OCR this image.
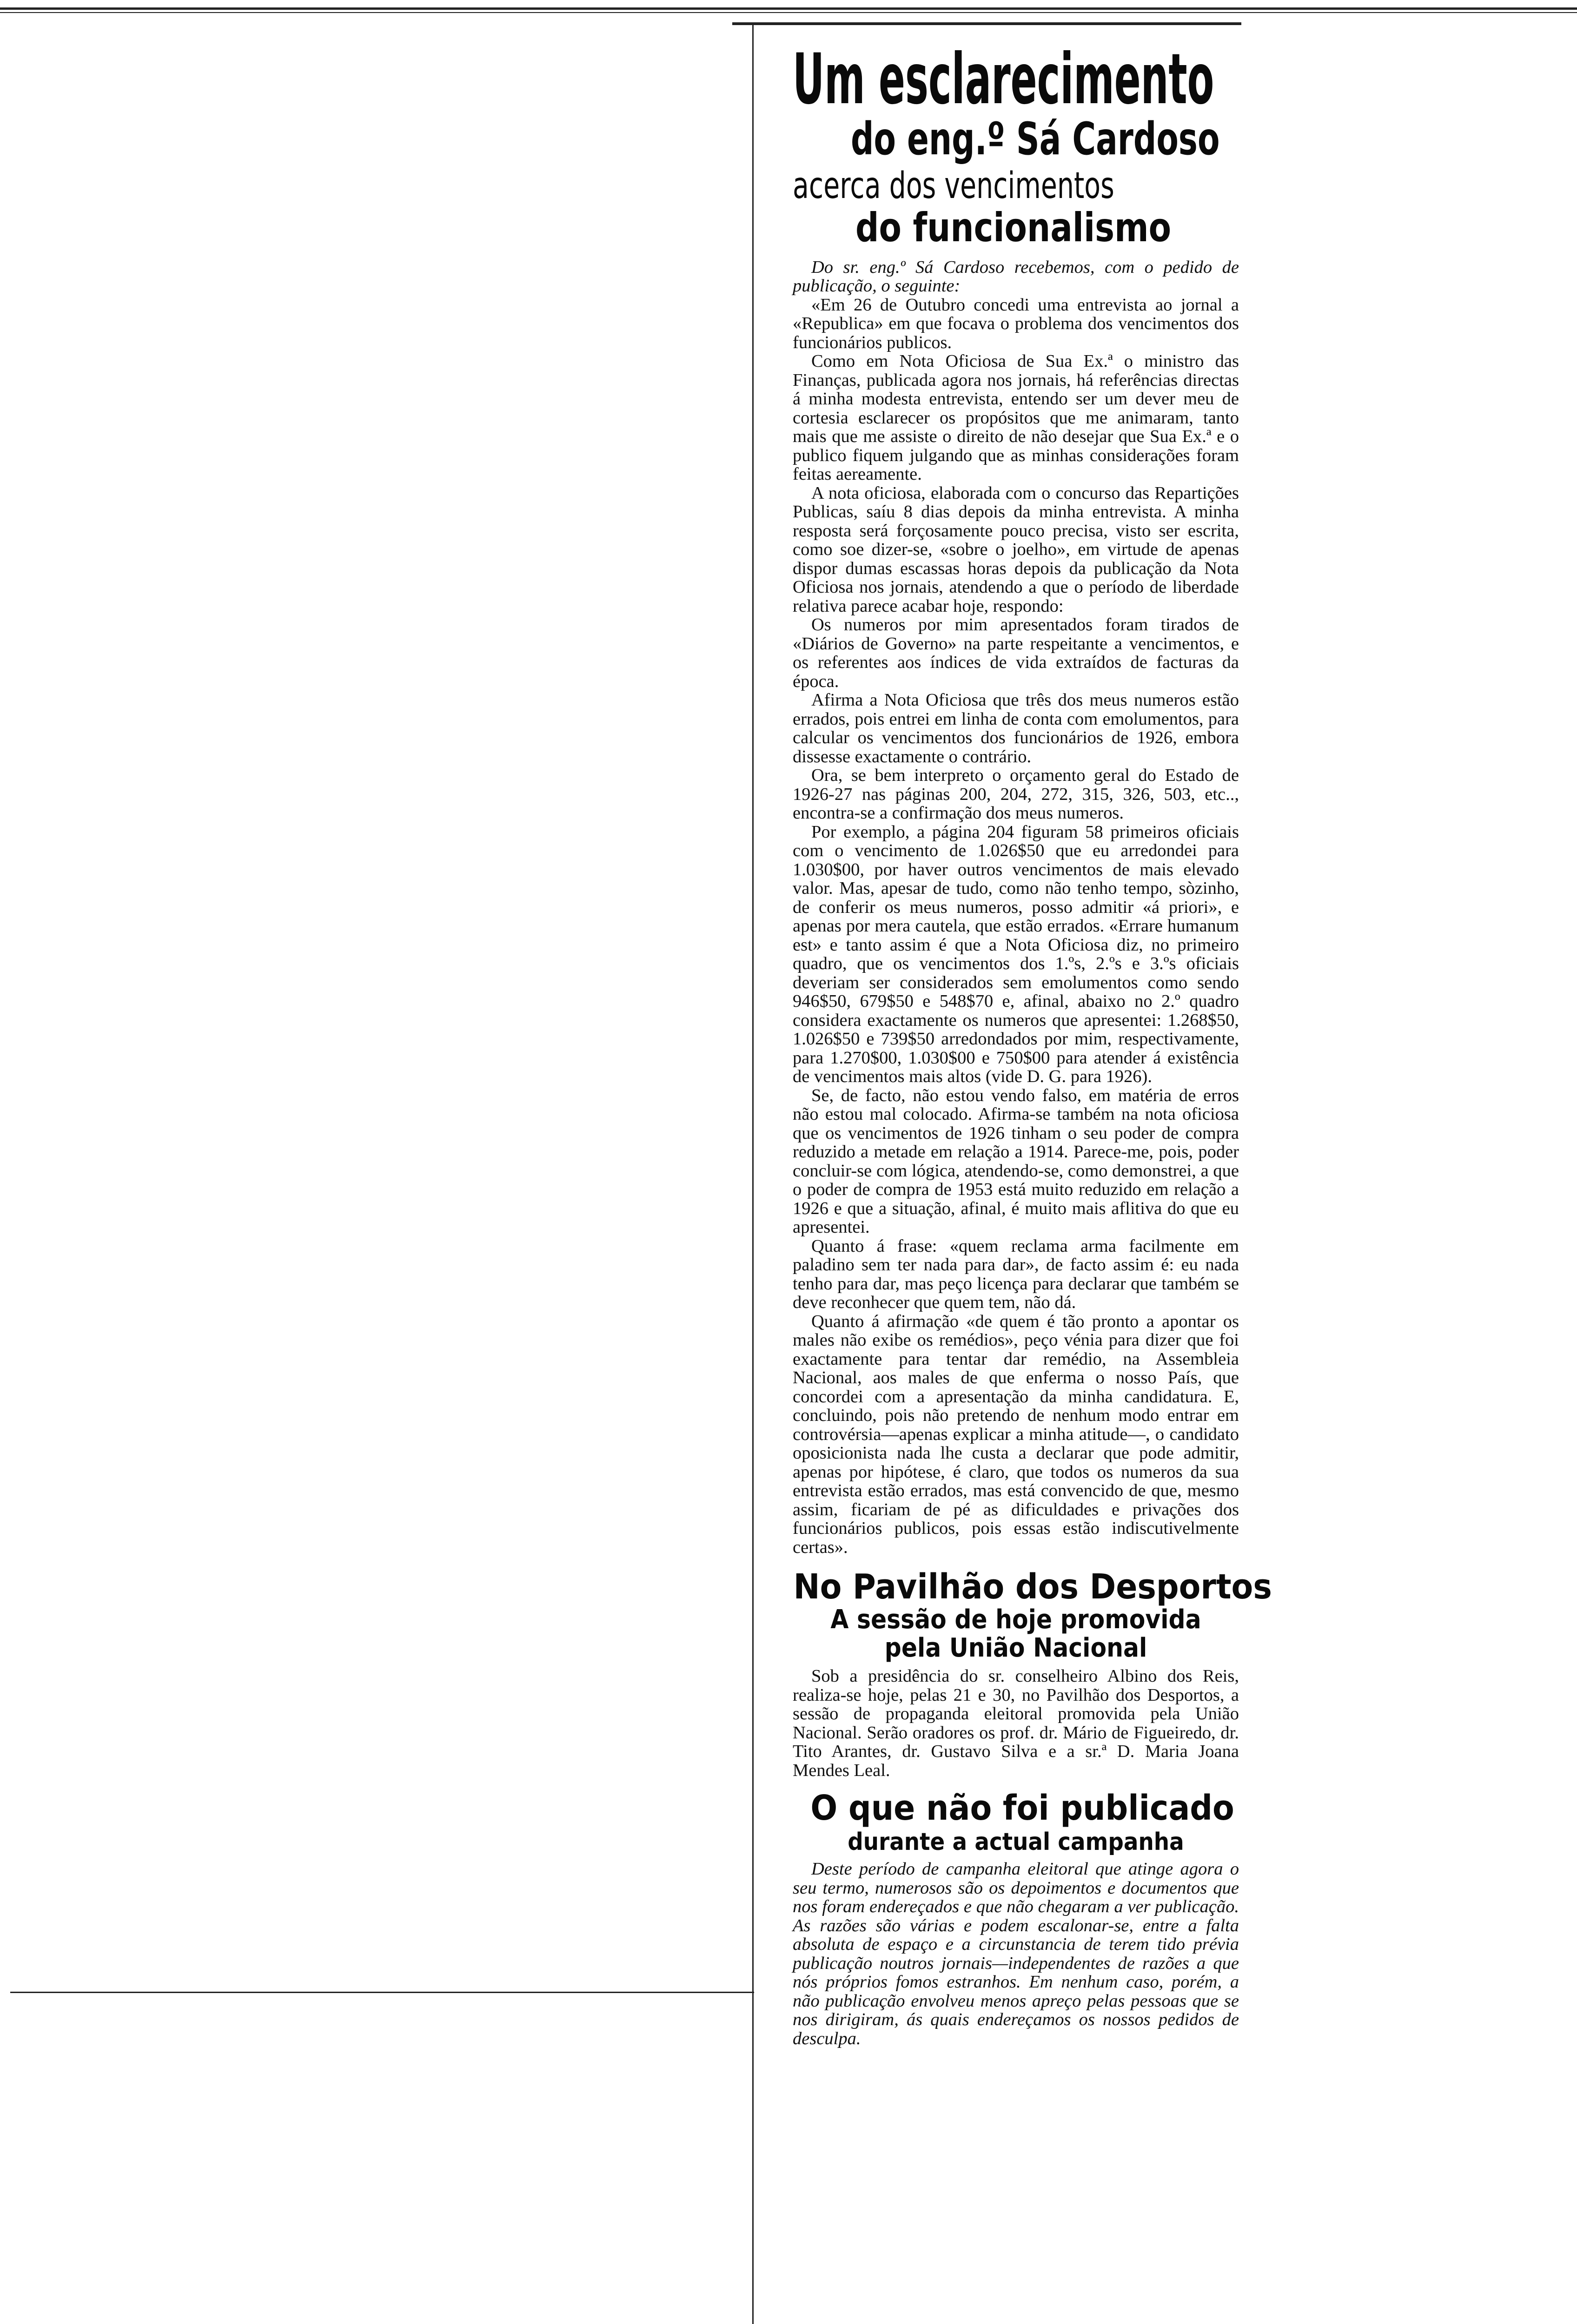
Um esclarecimento
do eng.º Sá Cardoso
acerca dos vencimentos
do funcionalismo

Do sr. eng.º Sá Cardoso recebemos, com o pedido de publicação, o seguinte:

«Em 26 de Outubro concedi uma entrevista ao jornal a «Republica» em que focava o problema dos vencimentos dos funcionários publicos.

Como em Nota Oficiosa de Sua Ex.ª o ministro das Finanças, publicada agora nos jornais, há referências directas á minha modesta entrevista, entendo ser um dever meu de cortesia esclarecer os propósitos que me animaram, tanto mais que me assiste o direito de não desejar que Sua Ex.ª e o publico fiquem julgando que as minhas considerações foram feitas aereamente.

A nota oficiosa, elaborada com o concurso das Repartições Publicas, saíu 8 dias depois da minha entrevista. A minha resposta será forçosamente pouco precisa, visto ser escrita, como soe dizer-se, «sobre o joelho», em virtude de apenas dispor dumas escassas horas depois da publicação da Nota Oficiosa nos jornais, atendendo a que o período de liberdade relativa parece acabar hoje, respondo:

Os numeros por mim apresentados foram tirados de «Diários de Governo» na parte respeitante a vencimentos, e os referentes aos índices de vida extraídos de facturas da época.

Afirma a Nota Oficiosa que três dos meus numeros estão errados, pois entrei em linha de conta com emolumentos, para calcular os vencimentos dos funcionários de 1926, embora dissesse exactamente o contrário.

Ora, se bem interpreto o orçamento geral do Estado de 1926-27 nas páginas 200, 204, 272, 315, 326, 503, etc.., encontra-se a confirmação dos meus numeros.

Por exemplo, a página 204 figuram 58 primeiros oficiais com o vencimento de 1.026$50 que eu arredondei para 1.030$00, por haver outros vencimentos de mais elevado valor. Mas, apesar de tudo, como não tenho tempo, sòzinho, de conferir os meus numeros, posso admitir «á priori», e apenas por mera cautela, que estão errados. «Errare humanum est» e tanto assim é que a Nota Oficiosa diz, no primeiro quadro, que os vencimentos dos 1.ºs, 2.ºs e 3.ºs oficiais deveriam ser considerados sem emolumentos como sendo 946$50, 679$50 e 548$70 e, afinal, abaixo no 2.º quadro considera exactamente os numeros que apresentei: 1.268$50, 1.026$50 e 739$50 arredondados por mim, respectivamente, para 1.270$00, 1.030$00 e 750$00 para atender á existência de vencimentos mais altos (vide D. G. para 1926).

Se, de facto, não estou vendo falso, em matéria de erros não estou mal colocado. Afirma-se também na nota oficiosa que os vencimentos de 1926 tinham o seu poder de compra reduzido a metade em relação a 1914. Parece-me, pois, poder concluir-se com lógica, atendendo-se, como demonstrei, a que o poder de compra de 1953 está muito reduzido em relação a 1926 e que a situação, afinal, é muito mais aflitiva do que eu apresentei.

Quanto á frase: «quem reclama arma facilmente em paladino sem ter nada para dar», de facto assim é: eu nada tenho para dar, mas peço licença para declarar que também se deve reconhecer que quem tem, não dá.

Quanto á afirmação «de quem é tão pronto a apontar os males não exibe os remédios», peço vénia para dizer que foi exactamente para tentar dar remédio, na Assembleia Nacional, aos males de que enferma o nosso País, que concordei com a apresentação da minha candidatura. E, concluindo, pois não pretendo de nenhum modo entrar em controvérsia—apenas explicar a minha atitude—, o candidato oposicionista nada lhe custa a declarar que pode admitir, apenas por hipótese, é claro, que todos os numeros da sua entrevista estão errados, mas está convencido de que, mesmo assim, ficariam de pé as dificuldades e privações dos funcionários publicos, pois essas estão indiscutivelmente certas».

No Pavilhão dos Desportos
A sessão de hoje promovida
pela União Nacional

Sob a presidência do sr. conselheiro Albino dos Reis, realiza-se hoje, pelas 21 e 30, no Pavilhão dos Desportos, a sessão de propaganda eleitoral promovida pela União Nacional. Serão oradores os prof. dr. Mário de Figueiredo, dr. Tito Arantes, dr. Gustavo Silva e a sr.ª D. Maria Joana Mendes Leal.

O que não foi publicado
durante a actual campanha

Deste período de campanha eleitoral que atinge agora o seu termo, numerosos são os depoimentos e documentos que nos foram endereçados e que não chegaram a ver publicação. As razões são várias e podem escalonar-se, entre a falta absoluta de espaço e a circunstancia de terem tido prévia publicação noutros jornais—independentes de razões a que nós próprios fomos estranhos. Em nenhum caso, porém, a não publicação envolveu menos apreço pelas pessoas que se nos dirigiram, ás quais endereçamos os nossos pedidos de desculpa.
